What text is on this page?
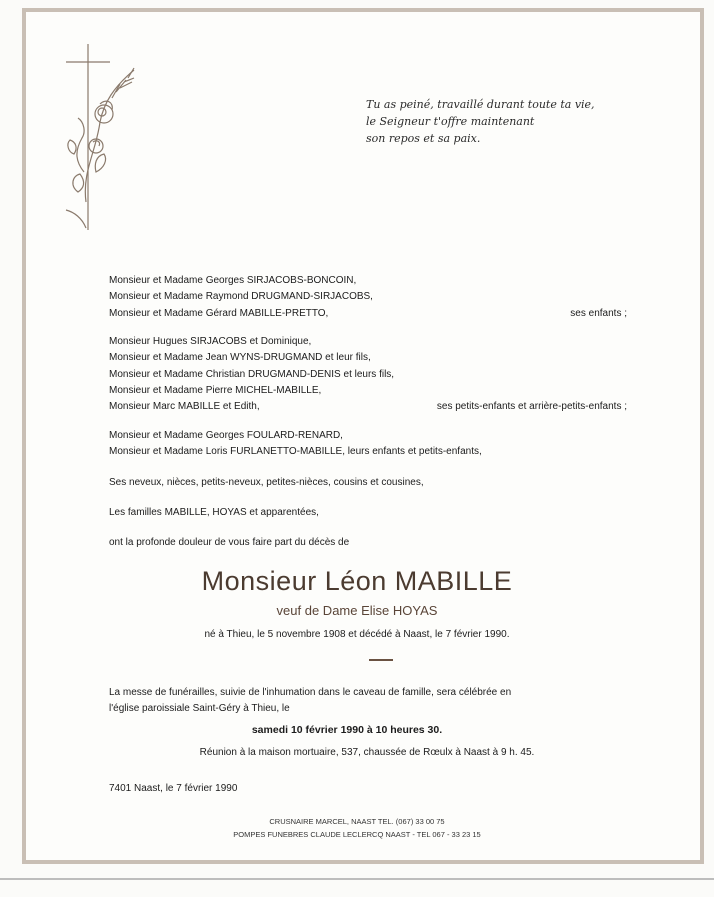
Tu as peiné, travaillé durant toute ta vie,
le Seigneur t'offre maintenant
son repos et sa paix.
Monsieur et Madame Georges SIRJACOBS-BONCOIN,
Monsieur et Madame Raymond DRUGMAND-SIRJACOBS,
Monsieur et Madame Gérard MABILLE-PRETTO,	ses enfants ;
Monsieur Hugues SIRJACOBS et Dominique,
Monsieur et Madame Jean WYNS-DRUGMAND et leur fils,
Monsieur et Madame Christian DRUGMAND-DENIS et leurs fils,
Monsieur et Madame Pierre MICHEL-MABILLE,
Monsieur Marc MABILLE et Edith,	ses petits-enfants et arrière-petits-enfants ;
Monsieur et Madame Georges FOULARD-RENARD,
Monsieur et Madame Loris FURLANETTO-MABILLE, leurs enfants et petits-enfants,
Ses neveux, nièces, petits-neveux, petites-nièces, cousins et cousines,
Les familles MABILLE, HOYAS et apparentées,
ont la profonde douleur de vous faire part du décès de
Monsieur Léon MABILLE
veuf de Dame Elise HOYAS
né à Thieu, le 5 novembre 1908 et décédé à Naast, le 7 février 1990.
La messe de funérailles, suivie de l'inhumation dans le caveau de famille, sera célébrée en
l'église paroissiale Saint-Géry à Thieu, le
samedi 10 février 1990 à 10 heures 30.
Réunion à la maison mortuaire, 537, chaussée de Rœulx à Naast à 9 h. 45.
7401 Naast, le 7 février 1990
CRUSNAIRE MARCEL, NAAST TEL. (067) 33 00 75
POMPES FUNEBRES CLAUDE LECLERCQ NAAST - TEL 067 - 33 23 15
